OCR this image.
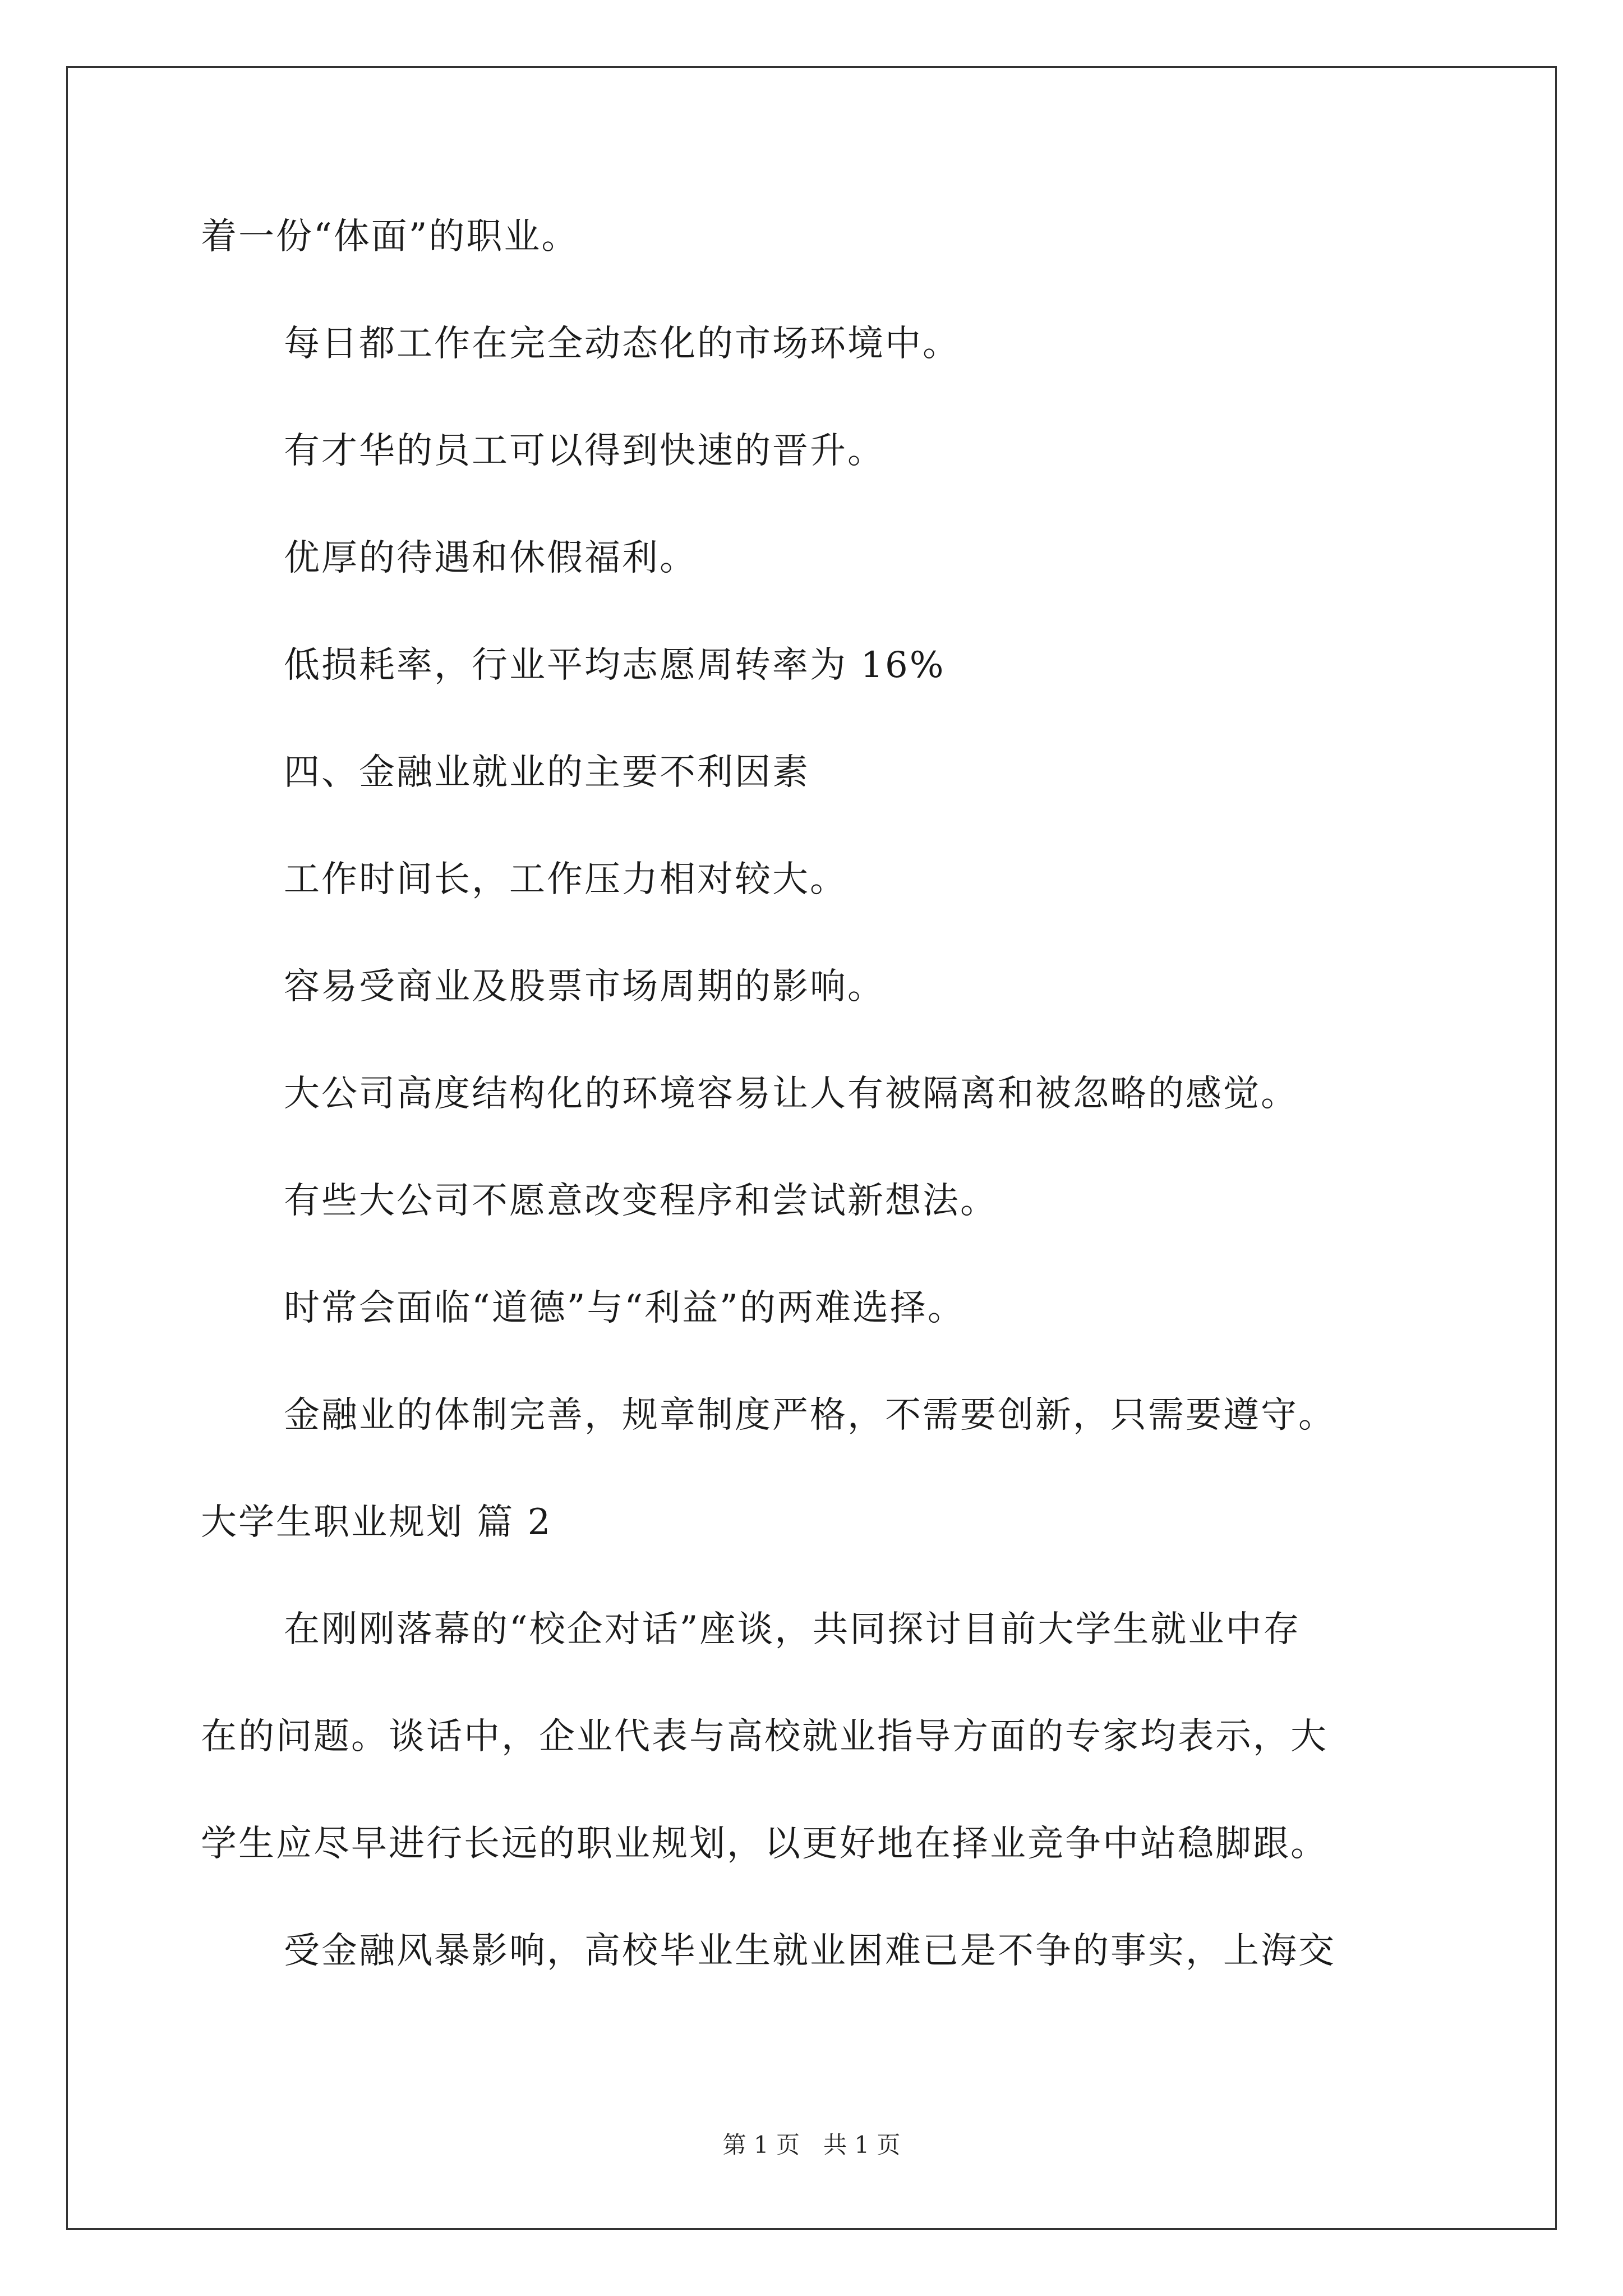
着一份“体面”的职业。

每日都工作在完全动态化的市场环境中。

有才华的员工可以得到快速的晋升。

优厚的待遇和休假福利。

低损耗率，行业平均志愿周转率为 16%

四、金融业就业的主要不利因素

工作时间长，工作压力相对较大。

容易受商业及股票市场周期的影响。

大公司高度结构化的环境容易让人有被隔离和被忽略的感觉。

有些大公司不愿意改变程序和尝试新想法。

时常会面临“道德”与“利益”的两难选择。

金融业的体制完善，规章制度严格，不需要创新，只需要遵守。

大学生职业规划 篇 2

在刚刚落幕的“校企对话”座谈，共同探讨目前大学生就业中存

在的问题。谈话中，企业代表与高校就业指导方面的专家均表示，大

学生应尽早进行长远的职业规划，以更好地在择业竞争中站稳脚跟。

受金融风暴影响，高校毕业生就业困难已是不争的事实，上海交

第 1 页　共 1 页
